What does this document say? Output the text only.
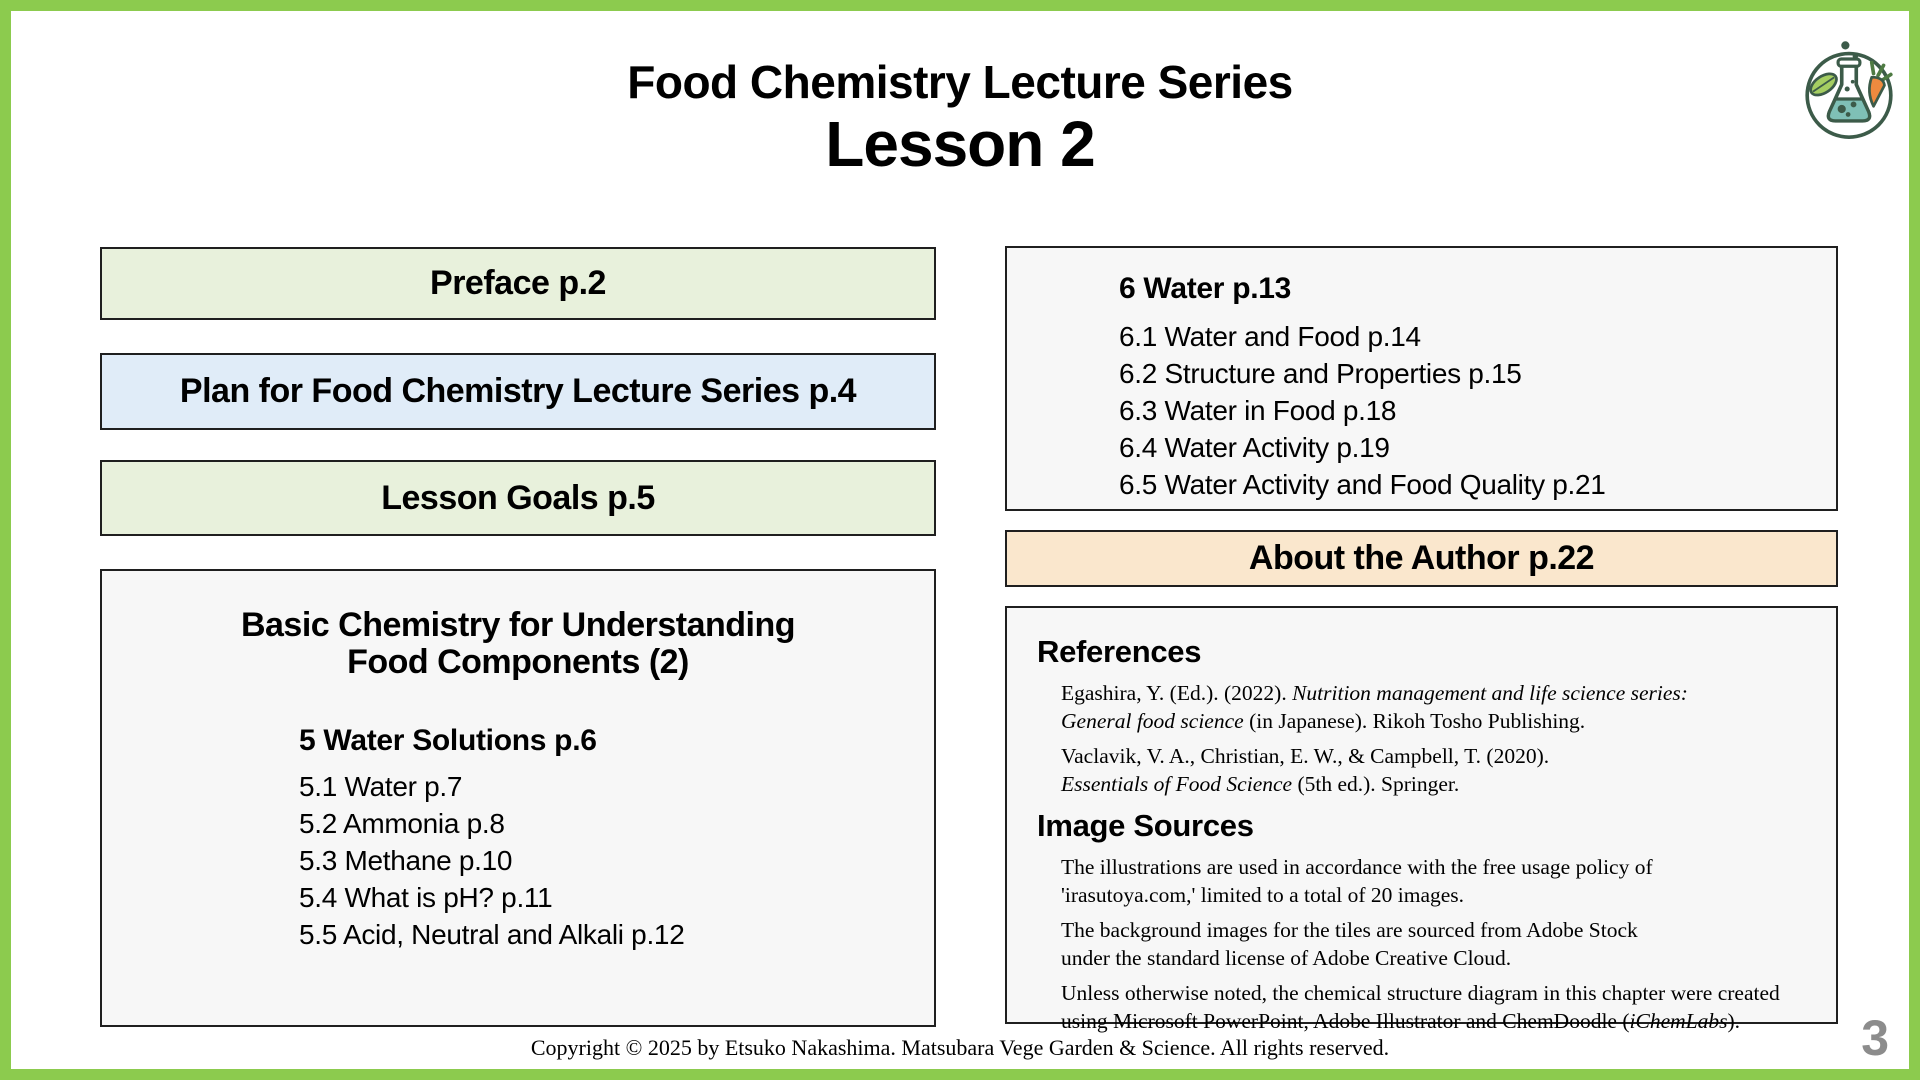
Food Chemistry Lecture Series
Lesson 2
Preface p.2
Plan for Food Chemistry Lecture Series p.4
Lesson Goals p.5
Basic Chemistry for Understanding
Food Components (2)
5 Water Solutions p.6
5.1 Water p.7
5.2 Ammonia p.8
5.3 Methane p.10
5.4 What is pH? p.11
5.5 Acid, Neutral and Alkali p.12
6 Water p.13
6.1 Water and Food p.14
6.2 Structure and Properties p.15
6.3 Water in Food p.18
6.4 Water Activity p.19
6.5 Water Activity and Food Quality p.21
About the Author p.22
References

Egashira, Y. (Ed.). (2022). Nutrition management and life science series:
General food science (in Japanese). Rikoh Tosho Publishing.

Vaclavik, V. A., Christian, E. W., & Campbell, T. (2020).
Essentials of Food Science (5th ed.). Springer.

Image Sources

The illustrations are used in accordance with the free usage policy of
'irasutoya.com,' limited to a total of 20 images.

The background images for the tiles are sourced from Adobe Stock
under the standard license of Adobe Creative Cloud.

Unless otherwise noted, the chemical structure diagram in this chapter were created
using Microsoft PowerPoint, Adobe Illustrator and ChemDoodle (iChemLabs).

Copyright © 2025 by Etsuko Nakashima. Matsubara Vege Garden & Science. All rights reserved.	3
